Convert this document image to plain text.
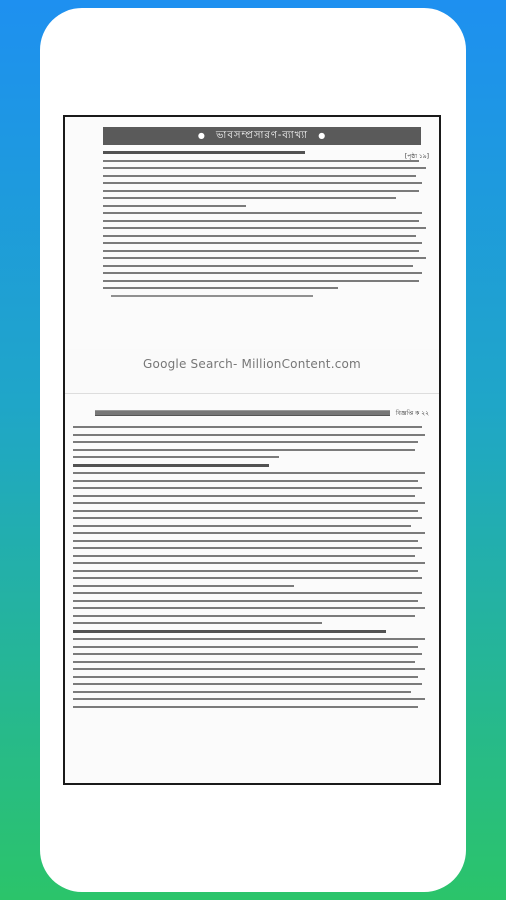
● ভাবসম্প্রসারণ-ব্যাখ্যা ●
[পৃষ্ঠা ১৯]
Google Search- MillionContent.com
বিজ্ঞপ্তি ক ২২
